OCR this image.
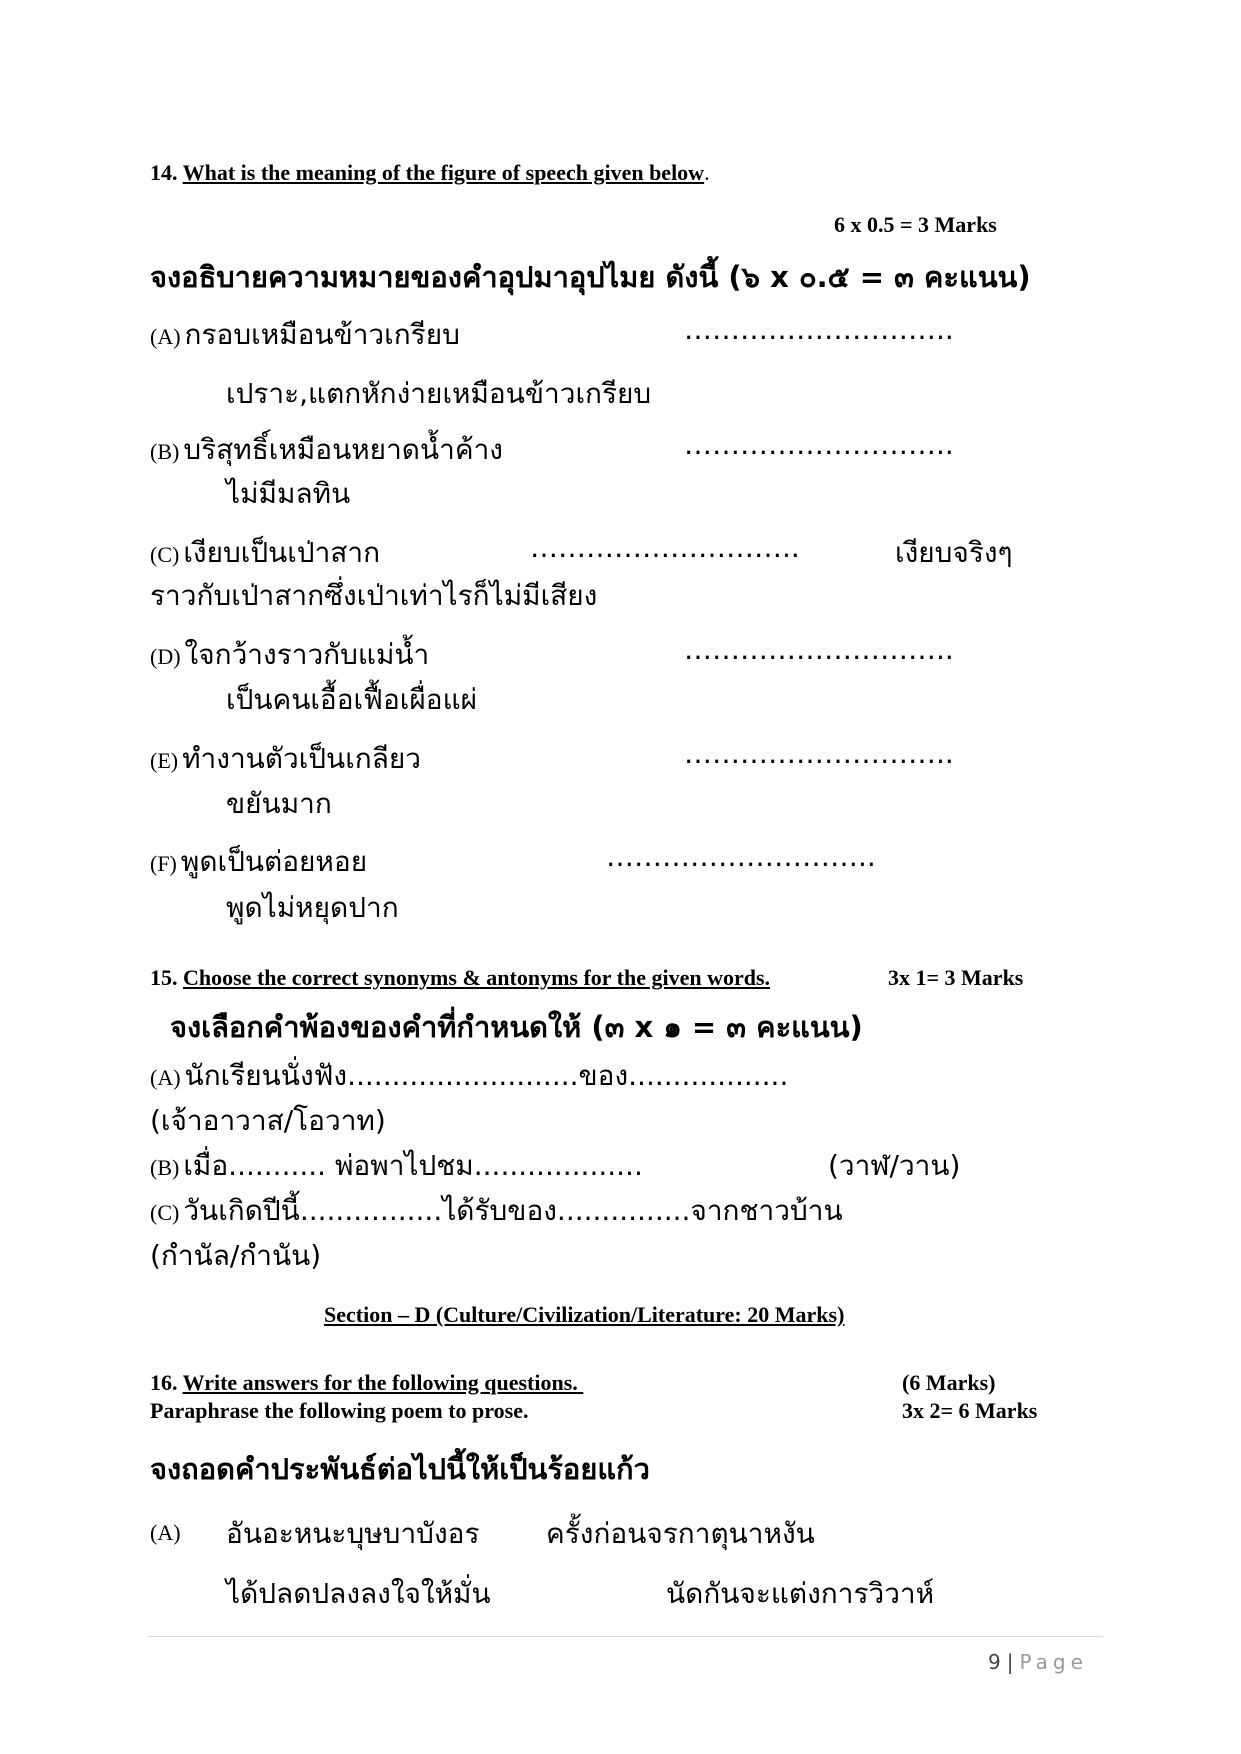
14. What is the meaning of the figure of speech given below.
6 x 0.5 = 3 Marks
จงอธิบายความหมายของคำอุปมาอุปไมย ดังนี้ (๖ x ๐.๕ = ๓ คะแนน)
(A) กรอบเหมือนข้าวเกรียบ	………………………..
เปราะ,แตกหักง่ายเหมือนข้าวเกรียบ
(B) บริสุทธิ์เหมือนหยาดน้ำค้าง	………………………..
ไม่มีมลทิน
(C) เงียบเป็นเป่าสาก	………………………..	เงียบจริงๆ
ราวกับเป่าสากซึ่งเป่าเท่าไรก็ไม่มีเสียง
(D) ใจกว้างราวกับแม่น้ำ	………………………..
เป็นคนเอื้อเฟื้อเผื่อแผ่
(E) ทำงานตัวเป็นเกลียว	………………………..
ขยันมาก
(F) พูดเป็นต่อยหอย	………………………..
พูดไม่หยุดปาก
15. Choose the correct synonyms & antonyms for the given words.	3x 1= 3 Marks
จงเลือกคำพ้องของคำที่กำหนดให้ (๓ x ๑ = ๓ คะแนน)
(A) นักเรียนนั่งฟัง..........................ของ..................
(เจ้าอาวาส/โอวาท)
(B) เมื่อ........... พ่อพาไปชม...................	(วาฬ/วาน)
(C) วันเกิดปีนี้................ได้รับของ...............จากชาวบ้าน
(กำนัล/กำนัน)
Section – D (Culture/Civilization/Literature: 20 Marks)
16. Write answers for the following questions.	(6 Marks)
Paraphrase the following poem to prose.	3x 2= 6 Marks
จงถอดคำประพันธ์ต่อไปนี้ให้เป็นร้อยแก้ว
(A) อันอะหนะบุษบาบังอร ครั้งก่อนจรกาตุนาหงัน
ได้ปลดปลงลงใจให้มั่น	นัดกันจะแต่งการวิวาห์
9 | Page
